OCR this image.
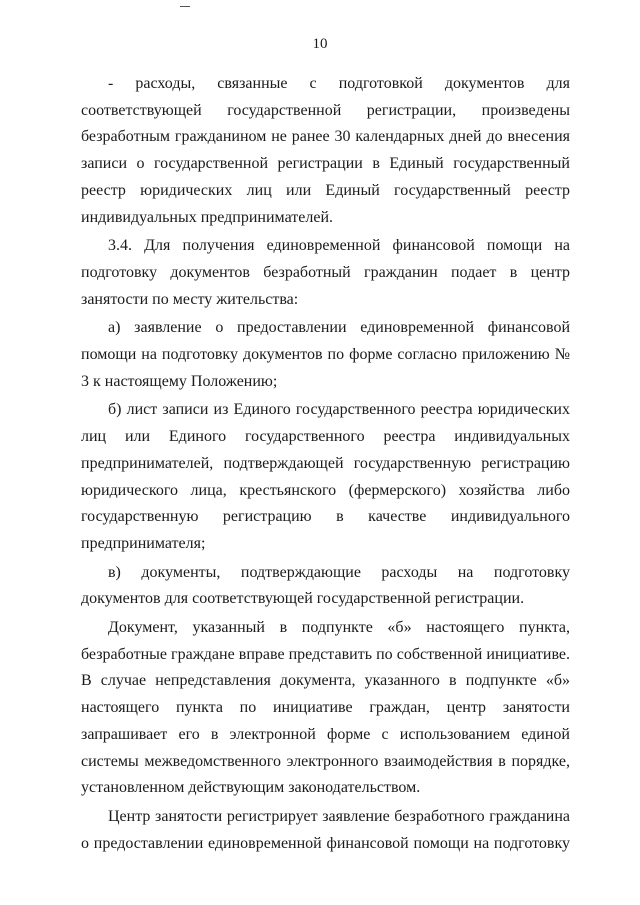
10

- расходы, связанные с подготовкой документов для соответствующей государственной регистрации, произведены безработным гражданином не ранее 30 календарных дней до внесения записи о государственной регистрации в Единый государственный реестр юридических лиц или Единый государственный реестр индивидуальных предпринимателей.

3.4. Для получения единовременной финансовой помощи на подготовку документов безработный гражданин подает в центр занятости по месту жительства:

а) заявление о предоставлении единовременной финансовой помощи на подготовку документов по форме согласно приложению № 3 к настоящему Положению;

б) лист записи из Единого государственного реестра юридических лиц или Единого государственного реестра индивидуальных предпринимателей, подтверждающей государственную регистрацию юридического лица, крестьянского (фермерского) хозяйства либо государственную регистрацию в качестве индивидуального предпринимателя;

в) документы, подтверждающие расходы на подготовку документов для соответствующей государственной регистрации.

Документ, указанный в подпункте «б» настоящего пункта, безработные граждане вправе представить по собственной инициативе. В случае непредставления документа, указанного в подпункте «б» настоящего пункта по инициативе граждан, центр занятости запрашивает его в электронной форме с использованием единой системы межведомственного электронного взаимодействия в порядке, установленном действующим законодательством.

Центр занятости регистрирует заявление безработного гражданина о предоставлении единовременной финансовой помощи на подготовку
